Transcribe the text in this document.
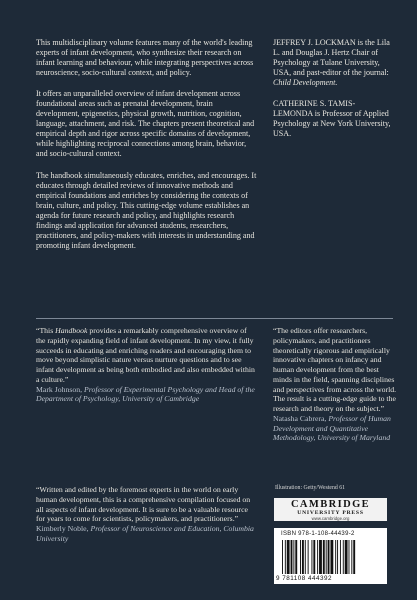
This multidisciplinary volume features many of the world's leading experts of infant development, who synthesize their research on infant learning and behaviour, while integrating perspectives across neuroscience, socio-cultural context, and policy.

It offers an unparalleled overview of infant development across foundational areas such as prenatal development, brain development, epigenetics, physical growth, nutrition, cognition, language, attachment, and risk. The chapters present theoretical and empirical depth and rigor across specific domains of development, while highlighting reciprocal connections among brain, behavior, and socio-cultural context.

The handbook simultaneously educates, enriches, and encourages. It educates through detailed reviews of innovative methods and empirical foundations and enriches by considering the contexts of brain, culture, and policy. This cutting-edge volume establishes an agenda for future research and policy, and highlights research findings and application for advanced students, researchers, practitioners, and policy-makers with interests in understanding and promoting infant development.

JEFFREY J. LOCKMAN is the Lila L. and Douglas J. Hertz Chair of Psychology at Tulane University, USA, and past-editor of the journal: Child Development.

CATHERINE S. TAMIS-LEMONDA is Professor of Applied Psychology at New York University, USA.

“This Handbook provides a remarkably comprehensive overview of the rapidly expanding field of infant development. In my view, it fully succeeds in educating and enriching readers and encouraging them to move beyond simplistic nature versus nurture questions and to see infant development as being both embodied and also embedded within a culture.”
Mark Johnson, Professor of Experimental Psychology and Head of the Department of Psychology, University of Cambridge
“The editors offer researchers, policymakers, and practitioners theoretically rigorous and empirically innovative chapters on infancy and human development from the best minds in the field, spanning disciplines and perspectives from across the world. The result is a cutting-edge guide to the research and theory on the subject.”
Natasha Cabrera, Professor of Human Development and Quantitative Methodology, University of Maryland
“Written and edited by the foremost experts in the world on early human development, this is a comprehensive compilation focused on all aspects of infant development. It is sure to be a valuable resource for years to come for scientists, policymakers, and practitioners.”
Kimberly Noble, Professor of Neuroscience and Education, Columbia University
Illustration: Getty/Westend 61
CAMBRIDGE
UNIVERSITY PRESS
www.cambridge.org
ISBN 978-1-108-44439-2
9 781108 444392
